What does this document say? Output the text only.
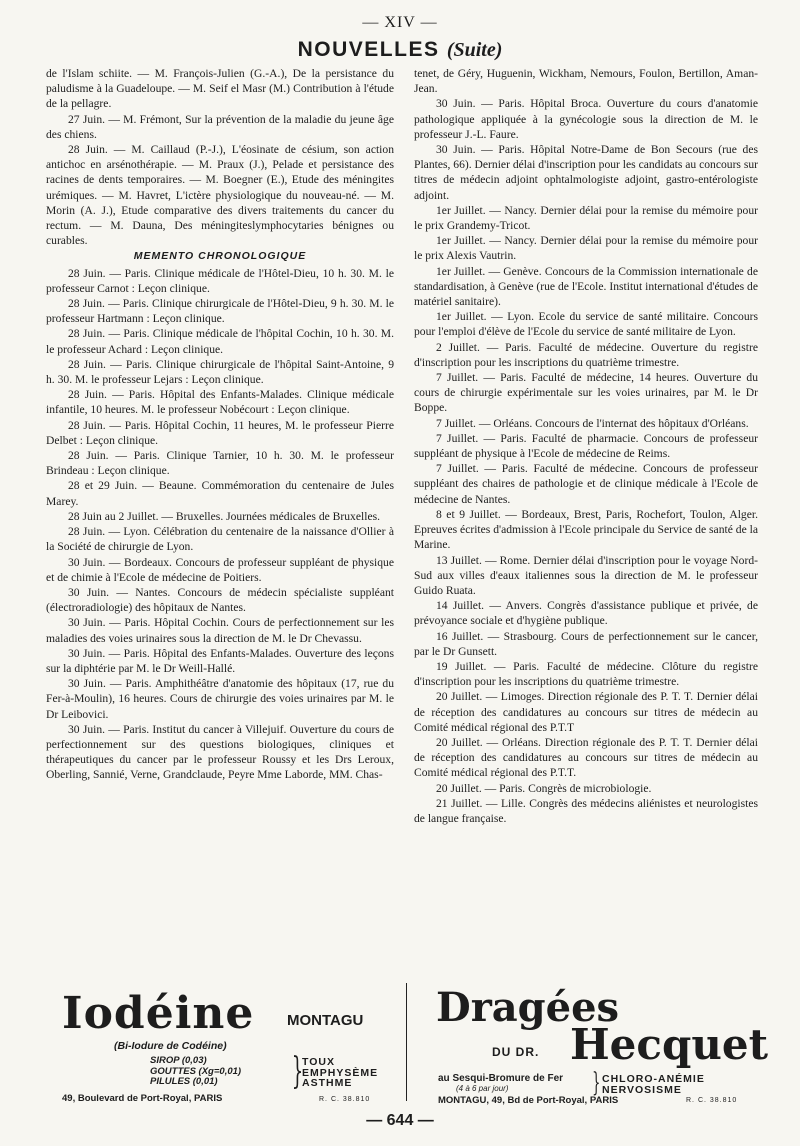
— XIV —
NOUVELLES (Suite)

de l'Islam schiite. — M. François-Julien (G.-A.), De la persistance du paludisme à la Guadeloupe. — M. Seif el Masr (M.) Contribution à l'étude de la pellagre.

27 Juin. — M. Frémont, Sur la prévention de la maladie du jeune âge des chiens.

28 Juin. — M. Caillaud (P.-J.), L'éosinate de césium, son action antichoc en arsénothérapie. — M. Praux (J.), Pelade et persistance des racines de dents temporaires. — M. Boegner (E.), Etude des méningites urémiques. — M. Havret, L'ictère physiologique du nouveau-né. — M. Morin (A. J.), Etude comparative des divers traitements du cancer du rectum. — M. Dauna, Des méningiteslymphocytaries bénignes ou curables.

MEMENTO CHRONOLOGIQUE

28 Juin. — Paris. Clinique médicale de l'Hôtel-Dieu, 10 h. 30. M. le professeur Carnot : Leçon clinique.

28 Juin. — Paris. Clinique chirurgicale de l'Hôtel-Dieu, 9 h. 30. M. le professeur Hartmann : Leçon clinique.

28 Juin. — Paris. Clinique médicale de l'hôpital Cochin, 10 h. 30. M. le professeur Achard : Leçon clinique.

28 Juin. — Paris. Clinique chirurgicale de l'hôpital Saint-Antoine, 9 h. 30. M. le professeur Lejars : Leçon clinique.

28 Juin. — Paris. Hôpital des Enfants-Malades. Clinique médicale infantile, 10 heures. M. le professeur Nobécourt : Leçon clinique.

28 Juin. — Paris. Hôpital Cochin, 11 heures, M. le professeur Pierre Delbet : Leçon clinique.

28 Juin. — Paris. Clinique Tarnier, 10 h. 30. M. le professeur Brindeau : Leçon clinique.

28 et 29 Juin. — Beaune. Commémoration du centenaire de Jules Marey.

28 Juin au 2 Juillet. — Bruxelles. Journées médicales de Bruxelles.

28 Juin. — Lyon. Célébration du centenaire de la naissance d'Ollier à la Société de chirurgie de Lyon.

30 Juin. — Bordeaux. Concours de professeur suppléant de physique et de chimie à l'Ecole de médecine de Poitiers.

30 Juin. — Nantes. Concours de médecin spécialiste suppléant (électroradiologie) des hôpitaux de Nantes.

30 Juin. — Paris. Hôpital Cochin. Cours de perfectionnement sur les maladies des voies urinaires sous la direction de M. le Dr Chevassu.

30 Juin. — Paris. Hôpital des Enfants-Malades. Ouverture des leçons sur la diphtérie par M. le Dr Weill-Hallé.

30 Juin. — Paris. Amphithéâtre d'anatomie des hôpitaux (17, rue du Fer-à-Moulin), 16 heures. Cours de chirurgie des voies urinaires par M. le Dr Leibovici.

30 Juin. — Paris. Institut du cancer à Villejuif. Ouverture du cours de perfectionnement sur des questions biologiques, cliniques et thérapeutiques du cancer par le professeur Roussy et les Drs Leroux, Oberling, Sannié, Verne, Grandclaude, Peyre Mme Laborde, MM. Chas-

tenet, de Géry, Huguenin, Wickham, Nemours, Foulon, Bertillon, Aman-Jean.

30 Juin. — Paris. Hôpital Broca. Ouverture du cours d'anatomie pathologique appliquée à la gynécologie sous la direction de M. le professeur J.-L. Faure.

30 Juin. — Paris. Hôpital Notre-Dame de Bon Secours (rue des Plantes, 66). Dernier délai d'inscription pour les candidats au concours sur titres de médecin adjoint ophtalmologiste adjoint, gastro-entérologiste adjoint.

1er Juillet. — Nancy. Dernier délai pour la remise du mémoire pour le prix Grandemy-Tricot.

1er Juillet. — Nancy. Dernier délai pour la remise du mémoire pour le prix Alexis Vautrin.

1er Juillet. — Genève. Concours de la Commission internationale de standardisation, à Genève (rue de l'Ecole. Institut international d'études de matériel sanitaire).

1er Juillet. — Lyon. Ecole du service de santé militaire. Concours pour l'emploi d'élève de l'Ecole du service de santé militaire de Lyon.

2 Juillet. — Paris. Faculté de médecine. Ouverture du registre d'inscription pour les inscriptions du quatrième trimestre.

7 Juillet. — Paris. Faculté de médecine, 14 heures. Ouverture du cours de chirurgie expérimentale sur les voies urinaires, par M. le Dr Boppe.

7 Juillet. — Orléans. Concours de l'internat des hôpitaux d'Orléans.

7 Juillet. — Paris. Faculté de pharmacie. Concours de professeur suppléant de physique à l'Ecole de médecine de Reims.

7 Juillet. — Paris. Faculté de médecine. Concours de professeur suppléant des chaires de pathologie et de clinique médicale à l'Ecole de médecine de Nantes.

8 et 9 Juillet. — Bordeaux, Brest, Paris, Rochefort, Toulon, Alger. Epreuves écrites d'admission à l'Ecole principale du Service de santé de la Marine.

13 Juillet. — Rome. Dernier délai d'inscription pour le voyage Nord-Sud aux villes d'eaux italiennes sous la direction de M. le professeur Guido Ruata.

14 Juillet. — Anvers. Congrès d'assistance publique et privée, de prévoyance sociale et d'hygiène publique.

16 Juillet. — Strasbourg. Cours de perfectionnement sur le cancer, par le Dr Gunsett.

19 Juillet. — Paris. Faculté de médecine. Clôture du registre d'inscription pour les inscriptions du quatrième trimestre.

20 Juillet. — Limoges. Direction régionale des P. T. T. Dernier délai de réception des candidatures au concours sur titres de médecin au Comité médical régional des P.T.T

20 Juillet. — Orléans. Direction régionale des P. T. T. Dernier délai de réception des candidatures au concours sur titres de médecin au Comité médical régional des P.T.T.

20 Juillet. — Paris. Congrès de microbiologie.

21 Juillet. — Lille. Congrès des médecins aliénistes et neurologistes de langue française.

Iodéine MONTAGU
(Bi-Iodure de Codéine)
SIROP (0,03)
GOUTTES (Xg=0,01)
PILULES (0,01)	}
TOUX
EMPHYSÈME
ASTHME
49, Boulevard de Port-Royal, PARIS	R. C. 38.810
Dragées
DU DR. Hecquet
au Sesqui-Bromure de Fer
(4 à 6 par jour)	} CHLORO-ANÉMIE
NERVOSISME
MONTAGU, 49, Bd de Port-Royal, PARIS	R. C. 38.810
— 644 —
